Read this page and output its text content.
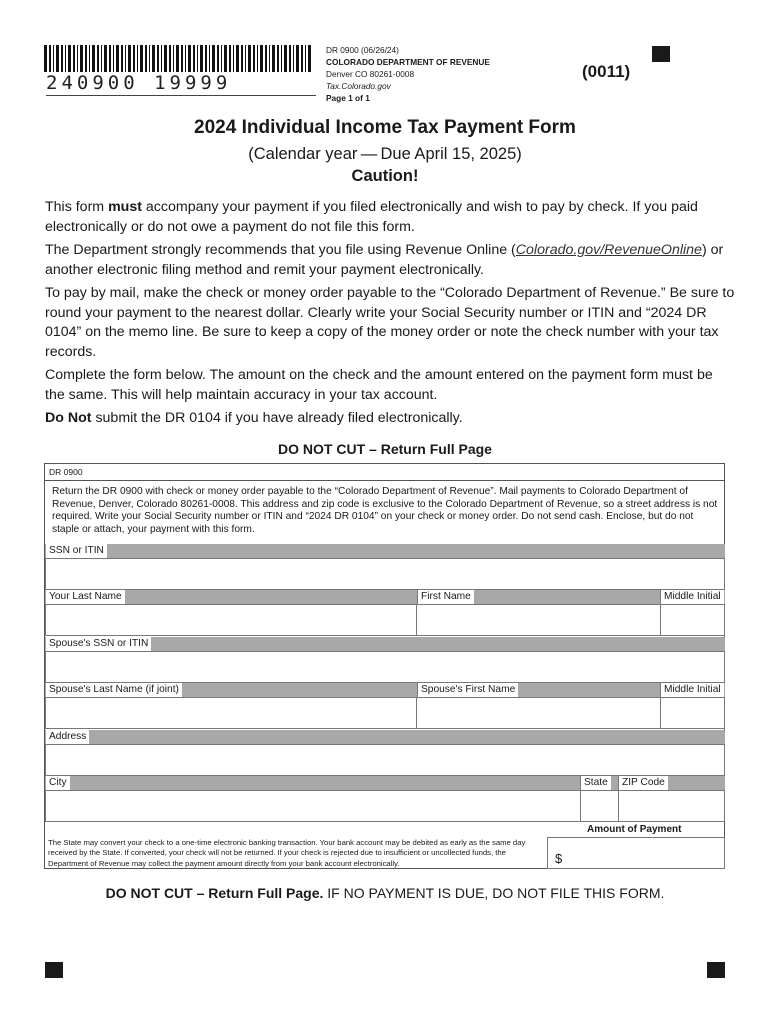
240900 19999
DR 0900 (06/26/24)
COLORADO DEPARTMENT OF REVENUE
Denver CO 80261-0008
Tax.Colorado.gov
Page 1 of 1
(0011)
2024 Individual Income Tax Payment Form
(Calendar year — Due April 15, 2025)
Caution!

This form must accompany your payment if you filed electronically and wish to pay by check. If you paid electronically or do not owe a payment do not file this form.

The Department strongly recommends that you file using Revenue Online (Colorado.gov/RevenueOnline) or another electronic filing method and remit your payment electronically.

To pay by mail, make the check or money order payable to the “Colorado Department of Revenue.” Be sure to round your payment to the nearest dollar. Clearly write your Social Security number or ITIN and “2024 DR 0104” on the memo line. Be sure to keep a copy of the money order or note the check number with your tax records.

Complete the form below. The amount on the check and the amount entered on the payment form must be the same. This will help maintain accuracy in your tax account.

Do Not submit the DR 0104 if you have already filed electronically.

DO NOT CUT – Return Full Page
DR 0900
Return the DR 0900 with check or money order payable to the “Colorado Department of Revenue”. Mail payments to Colorado Department of Revenue, Denver, Colorado 80261-0008. This address and zip code is exclusive to the Colorado Department of Revenue, so a street address is not required. Write your Social Security number or ITIN and “2024 DR 0104” on your check or money order. Do not send cash. Enclose, but do not staple or attach, your payment with this form.
SSN or ITIN
Your Last Name	First Name	Middle Initial
Spouse's SSN or ITIN
Spouse's Last Name (if joint)	Spouse's First Name	Middle Initial
Address
City	State	ZIP Code
Amount of Payment
$
The State may convert your check to a one-time electronic banking transaction. Your bank account may be debited as early as the same day received by the State. If converted, your check will not be returned. If your check is rejected due to insufficient or uncollected funds, the Department of Revenue may collect the payment amount directly from your bank account electronically.
DO NOT CUT – Return Full Page. IF NO PAYMENT IS DUE, DO NOT FILE THIS FORM.
